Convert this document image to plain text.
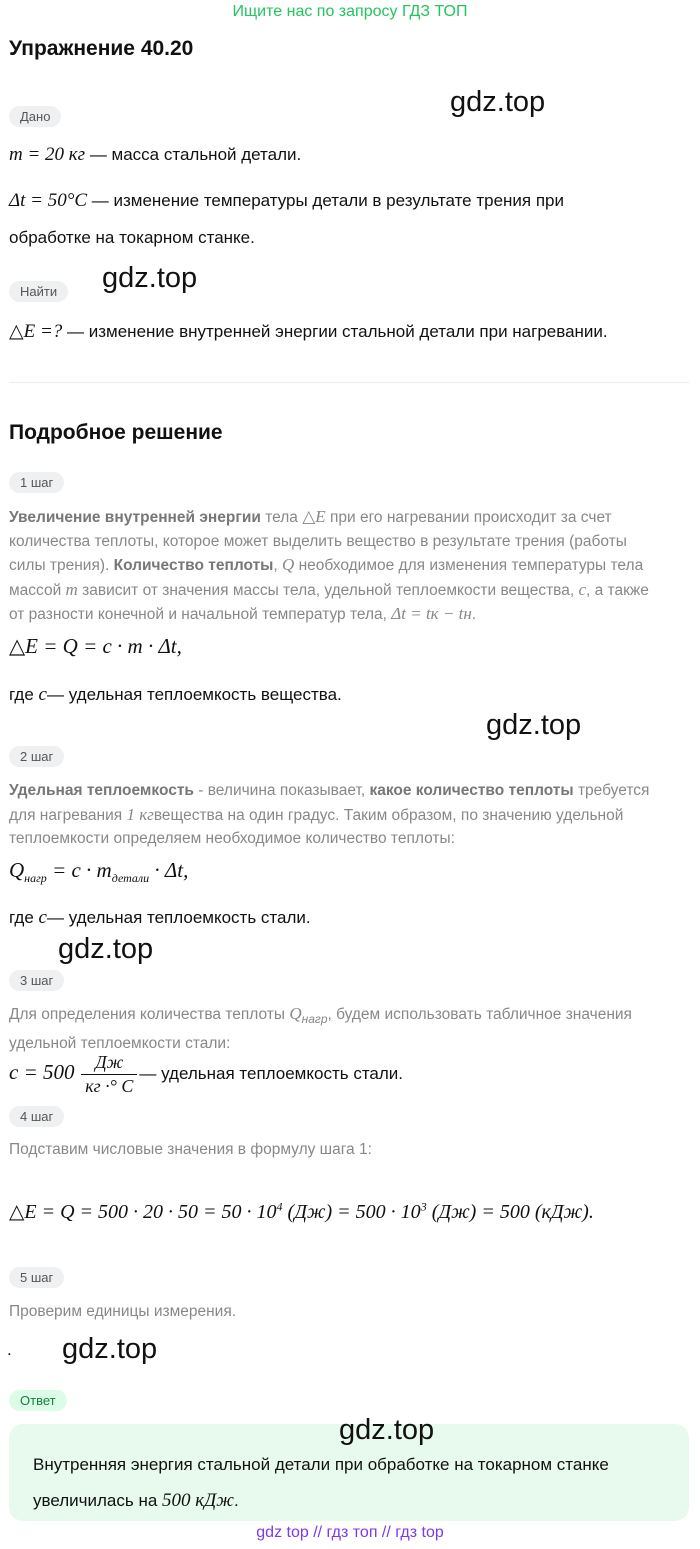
Ищите нас по запросу ГДЗ ТОП
Упражнение 40.20
Дано	gdz.top
m = 20 кг — масса стальной детали.
Δt = 50°C — изменение температуры детали в результате трения при
обработке на токарном станке.
Найти	gdz.top
△E =? — изменение внутренней энергии стальной детали при нагревании.
Подробное решение
1 шаг
Увеличение внутренней энергии тела △E при его нагревании происходит за счет
количества теплоты, которое может выделить вещество в результате трения (работы
силы трения). Количество теплоты, Q необходимое для изменения температуры тела
массой m зависит от значения массы тела, удельной теплоемкости вещества, c, а также
от разности конечной и начальной температур тела, Δt = tк − tн.
△E = Q = c · m · Δt,
где c— удельная теплоемкость вещества.
gdz.top
2 шаг
Удельная теплоемкость - величина показывает, какое количество теплоты требуется
для нагревания 1 кгвещества на один градус. Таким образом, по значению удельной
теплоемкости определяем необходимое количество теплоты:
$Q_{нагр} = c \cdot m_{детали} \cdot \Delta t$,
где c— удельная теплоемкость стали.
gdz.top
3 шаг
Для определения количества теплоты $Q_{нагр}$, будем использовать табличное значения
удельной теплоемкости стали:
$c = 500 \frac{Дж}{кг \cdot^\circ C}$ — удельная теплоемкость стали.
4 шаг
Подставим числовые значения в формулу шага 1:
△E = $Q = 500 \cdot 20 \cdot 50 = 50 \cdot 10^4$ $(Дж) = 500 \cdot 10^3$ (Дж) = 500 (кДж).
5 шаг
Проверим единицы измерения.
. gdz.top
Ответ
gdz.top
Внутренняя энергия стальной детали при обработке на токарном станке
увеличилась на 500 кДж.
gdz top // гдз топ // гдз top
